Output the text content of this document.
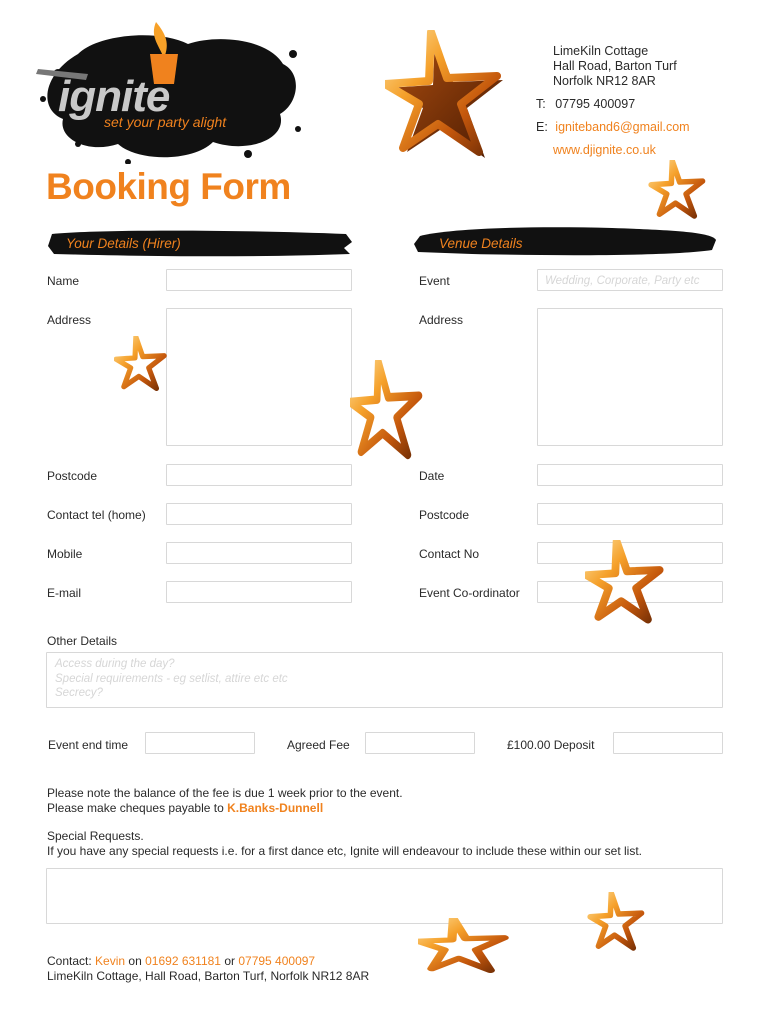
ignite
set your party alight
LimeKiln Cottage
Hall Road, Barton Turf
Norfolk NR12 8AR
T: 07795 400097
E: igniteband6@gmail.com
www.djignite.co.uk
Booking Form
Your Details (Hirer)	Venue Details
Name
Address
Postcode
Contact tel (home)
Mobile
E-mail
Event	Wedding, Corporate, Party etc
Address
Date
Postcode
Contact No
Event Co-ordinator
Other Details
Access during the day?
Special requirements - eg setlist, attire etc etc
Secrecy?
Event end time	Agreed Fee	£100.00 Deposit
Please note the balance of the fee is due 1 week prior to the event.
Please make cheques payable to K.Banks-Dunnell
Special Requests.
If you have any special requests i.e. for a first dance etc, Ignite will endeavour to include these within our set list.
Contact: Kevin on 01692 631181 or 07795 400097
LimeKiln Cottage, Hall Road, Barton Turf, Norfolk NR12 8AR
